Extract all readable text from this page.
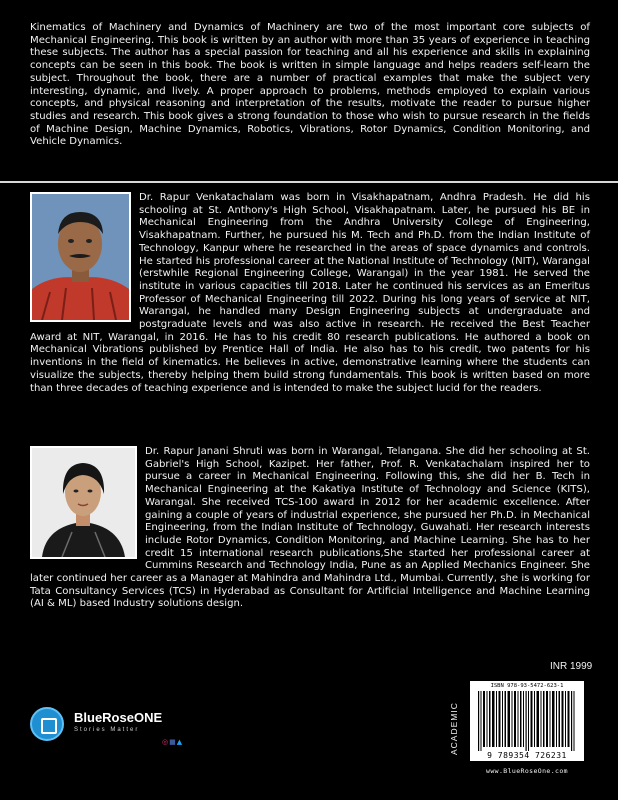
Kinematics of Machinery and Dynamics of Machinery are two of the most important core subjects of Mechanical Engineering. This book is written by an author with more than 35 years of experience in teaching these subjects. The author has a special passion for teaching and all his experience and skills in explaining concepts can be seen in this book. The book is written in simple language and helps readers self-learn the subject. Throughout the book, there are a number of practical examples that make the subject very interesting, dynamic, and lively. A proper approach to problems, methods employed to explain various concepts, and physical reasoning and interpretation of the results, motivate the reader to pursue higher studies and research. This book gives a strong foundation to those who wish to pursue research in the fields of Machine Design, Machine Dynamics, Robotics, Vibrations, Rotor Dynamics, Condition Monitoring, and Vehicle Dynamics.

Dr. Rapur Venkatachalam was born in Visakhapatnam, Andhra Pradesh. He did his schooling at St. Anthony's High School, Visakhapatnam. Later, he pursued his BE in Mechanical Engineering from the Andhra University College of Engineering, Visakhapatnam. Further, he pursued his M. Tech and Ph.D. from the Indian Institute of Technology, Kanpur where he researched in the areas of space dynamics and controls. He started his professional career at the National Institute of Technology (NIT), Warangal (erstwhile Regional Engineering College, Warangal) in the year 1981. He served the institute in various capacities till 2018. Later he continued his services as an Emeritus Professor of Mechanical Engineering till 2022. During his long years of service at NIT, Warangal, he handled many Design Engineering subjects at undergraduate and postgraduate levels and was also active in research. He received the Best Teacher Award at NIT, Warangal, in 2016. He has to his credit 80 research publications. He authored a book on Mechanical Vibrations published by Prentice Hall of India. He also has to his credit, two patents for his inventions in the field of kinematics. He believes in active, demonstrative learning where the students can visualize the subjects, thereby helping them build strong fundamentals. This book is written based on more than three decades of teaching experience and is intended to make the subject lucid for the readers.

Dr. Rapur Janani Shruti was born in Warangal, Telangana. She did her schooling at St. Gabriel's High School, Kazipet. Her father, Prof. R. Venkatachalam inspired her to pursue a career in Mechanical Engineering. Following this, she did her B. Tech in Mechanical Engineering at the Kakatiya Institute of Technology and Science (KITS), Warangal. She received TCS-100 award in 2012 for her academic excellence. After gaining a couple of years of industrial experience, she pursued her Ph.D. in Mechanical Engineering, from the Indian Institute of Technology, Guwahati. Her research interests include Rotor Dynamics, Condition Monitoring, and Machine Learning. She has to her credit 15 international research publications,She started her professional career at Cummins Research and Technology India, Pune as an Applied Mechanics Engineer. She later continued her career as a Manager at Mahindra and Mahindra Ltd., Mumbai. Currently, she is working for Tata Consultancy Services (TCS) in Hyderabad as Consultant for Artificial Intelligence and Machine Learning (AI & ML) based Industry solutions design.

INR 1999
ACADEMIC
ISBN 978-93-5472-623-1
9 789354 726231
www.BlueRoseOne.com
BlueRoseONE
Stories Matter
◎■▲
